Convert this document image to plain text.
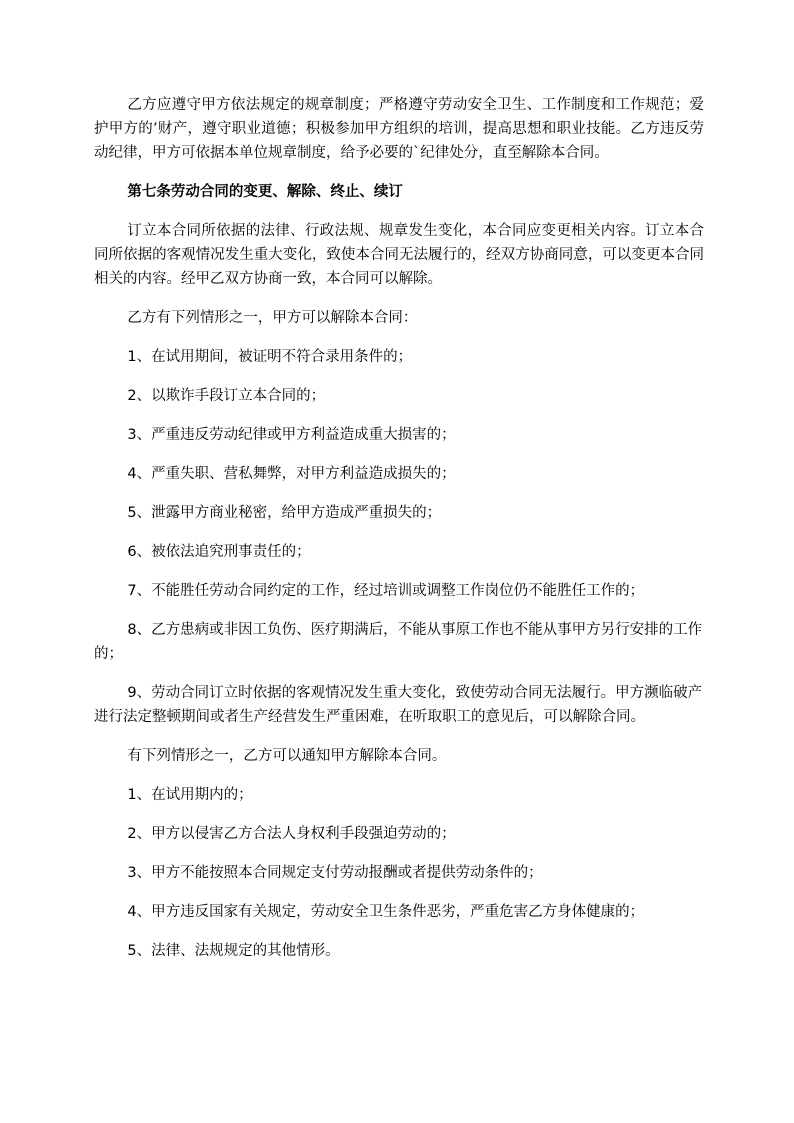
乙方应遵守甲方依法规定的规章制度；严格遵守劳动安全卫生、工作制度和工作规范；爱护甲方的’财产，遵守职业道德；积极参加甲方组织的培训，提高思想和职业技能。乙方违反劳动纪律，甲方可依据本单位规章制度，给予必要的`纪律处分，直至解除本合同。

第七条劳动合同的变更、解除、终止、续订

订立本合同所依据的法律、行政法规、规章发生变化，本合同应变更相关内容。订立本合同所依据的客观情况发生重大变化，致使本合同无法履行的，经双方协商同意，可以变更本合同相关的内容。经甲乙双方协商一致，本合同可以解除。

乙方有下列情形之一，甲方可以解除本合同：

1、在试用期间，被证明不符合录用条件的；

2、以欺诈手段订立本合同的；

3、严重违反劳动纪律或甲方利益造成重大损害的；

4、严重失职、营私舞弊，对甲方利益造成损失的；

5、泄露甲方商业秘密，给甲方造成严重损失的；

6、被依法追究刑事责任的；

7、不能胜任劳动合同约定的工作，经过培训或调整工作岗位仍不能胜任工作的；

8、乙方患病或非因工负伤、医疗期满后，不能从事原工作也不能从事甲方另行安排的工作的；

9、劳动合同订立时依据的客观情况发生重大变化，致使劳动合同无法履行。甲方濒临破产进行法定整顿期间或者生产经营发生严重困难，在听取职工的意见后，可以解除合同。

有下列情形之一，乙方可以通知甲方解除本合同。

1、在试用期内的；

2、甲方以侵害乙方合法人身权利手段强迫劳动的；

3、甲方不能按照本合同规定支付劳动报酬或者提供劳动条件的；

4、甲方违反国家有关规定，劳动安全卫生条件恶劣，严重危害乙方身体健康的；

5、法律、法规规定的其他情形。
